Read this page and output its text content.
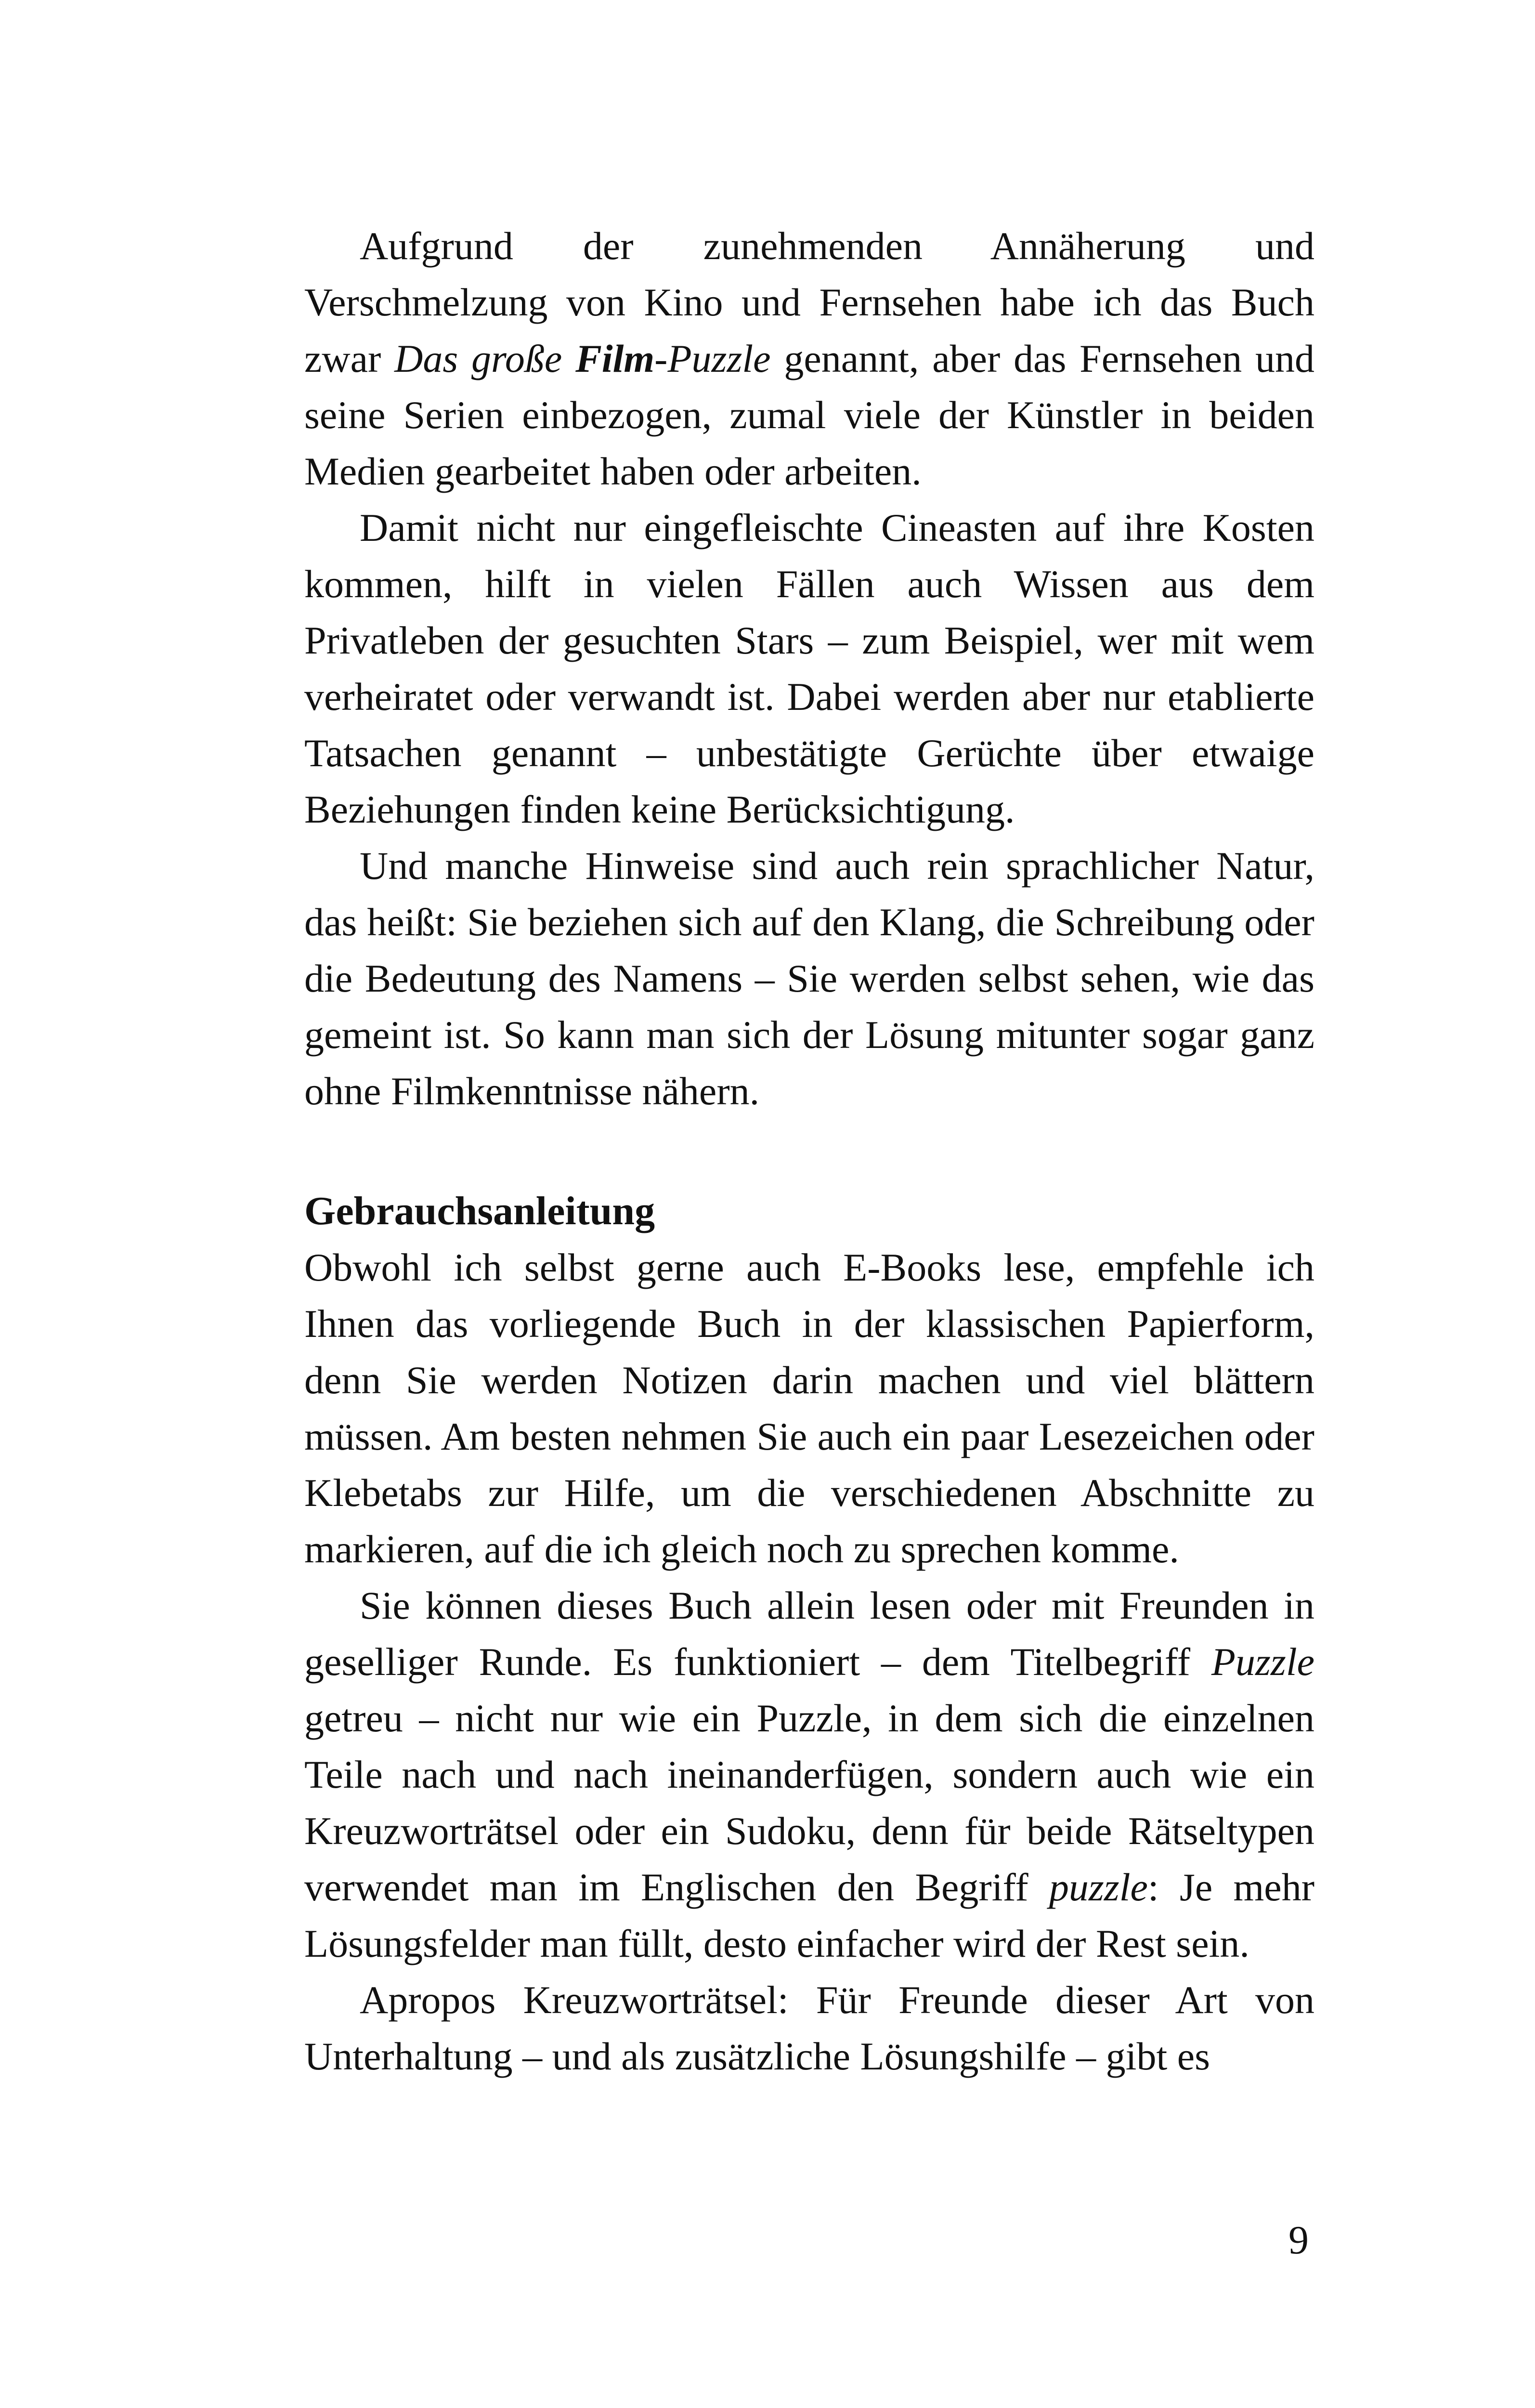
Aufgrund der zunehmenden Annäherung und Verschmelzung von Kino und Fernsehen habe ich das Buch zwar Das große Film-Puzzle genannt, aber das Fernsehen und seine Serien einbezogen, zumal viele der Künstler in beiden Medien gearbeitet haben oder arbeiten.

Damit nicht nur eingefleischte Cineasten auf ihre Kosten kommen, hilft in vielen Fällen auch Wissen aus dem Privatleben der gesuchten Stars – zum Beispiel, wer mit wem verheiratet oder verwandt ist. Dabei werden aber nur etablierte Tatsachen genannt – unbestätigte Gerüchte über etwaige Beziehungen finden keine Berücksichtigung.

Und manche Hinweise sind auch rein sprachlicher Natur, das heißt: Sie beziehen sich auf den Klang, die Schreibung oder die Bedeutung des Namens – Sie werden selbst sehen, wie das gemeint ist. So kann man sich der Lösung mitunter sogar ganz ohne Filmkenntnisse nähern.

Gebrauchsanleitung

Obwohl ich selbst gerne auch E-Books lese, empfehle ich Ihnen das vorliegende Buch in der klassischen Papierform, denn Sie werden Notizen darin machen und viel blättern müssen. Am besten nehmen Sie auch ein paar Lesezeichen oder Klebetabs zur Hilfe, um die verschiedenen Abschnitte zu markieren, auf die ich gleich noch zu sprechen komme.

Sie können dieses Buch allein lesen oder mit Freunden in geselliger Runde. Es funktioniert – dem Titelbegriff Puzzle getreu – nicht nur wie ein Puzzle, in dem sich die einzelnen Teile nach und nach ineinanderfügen, sondern auch wie ein Kreuzworträtsel oder ein Sudoku, denn für beide Rätseltypen verwendet man im Englischen den Begriff puzzle: Je mehr Lösungsfelder man füllt, desto einfacher wird der Rest sein.

Apropos Kreuzworträtsel: Für Freunde dieser Art von Unterhaltung – und als zusätzliche Lösungshilfe – gibt es

9
